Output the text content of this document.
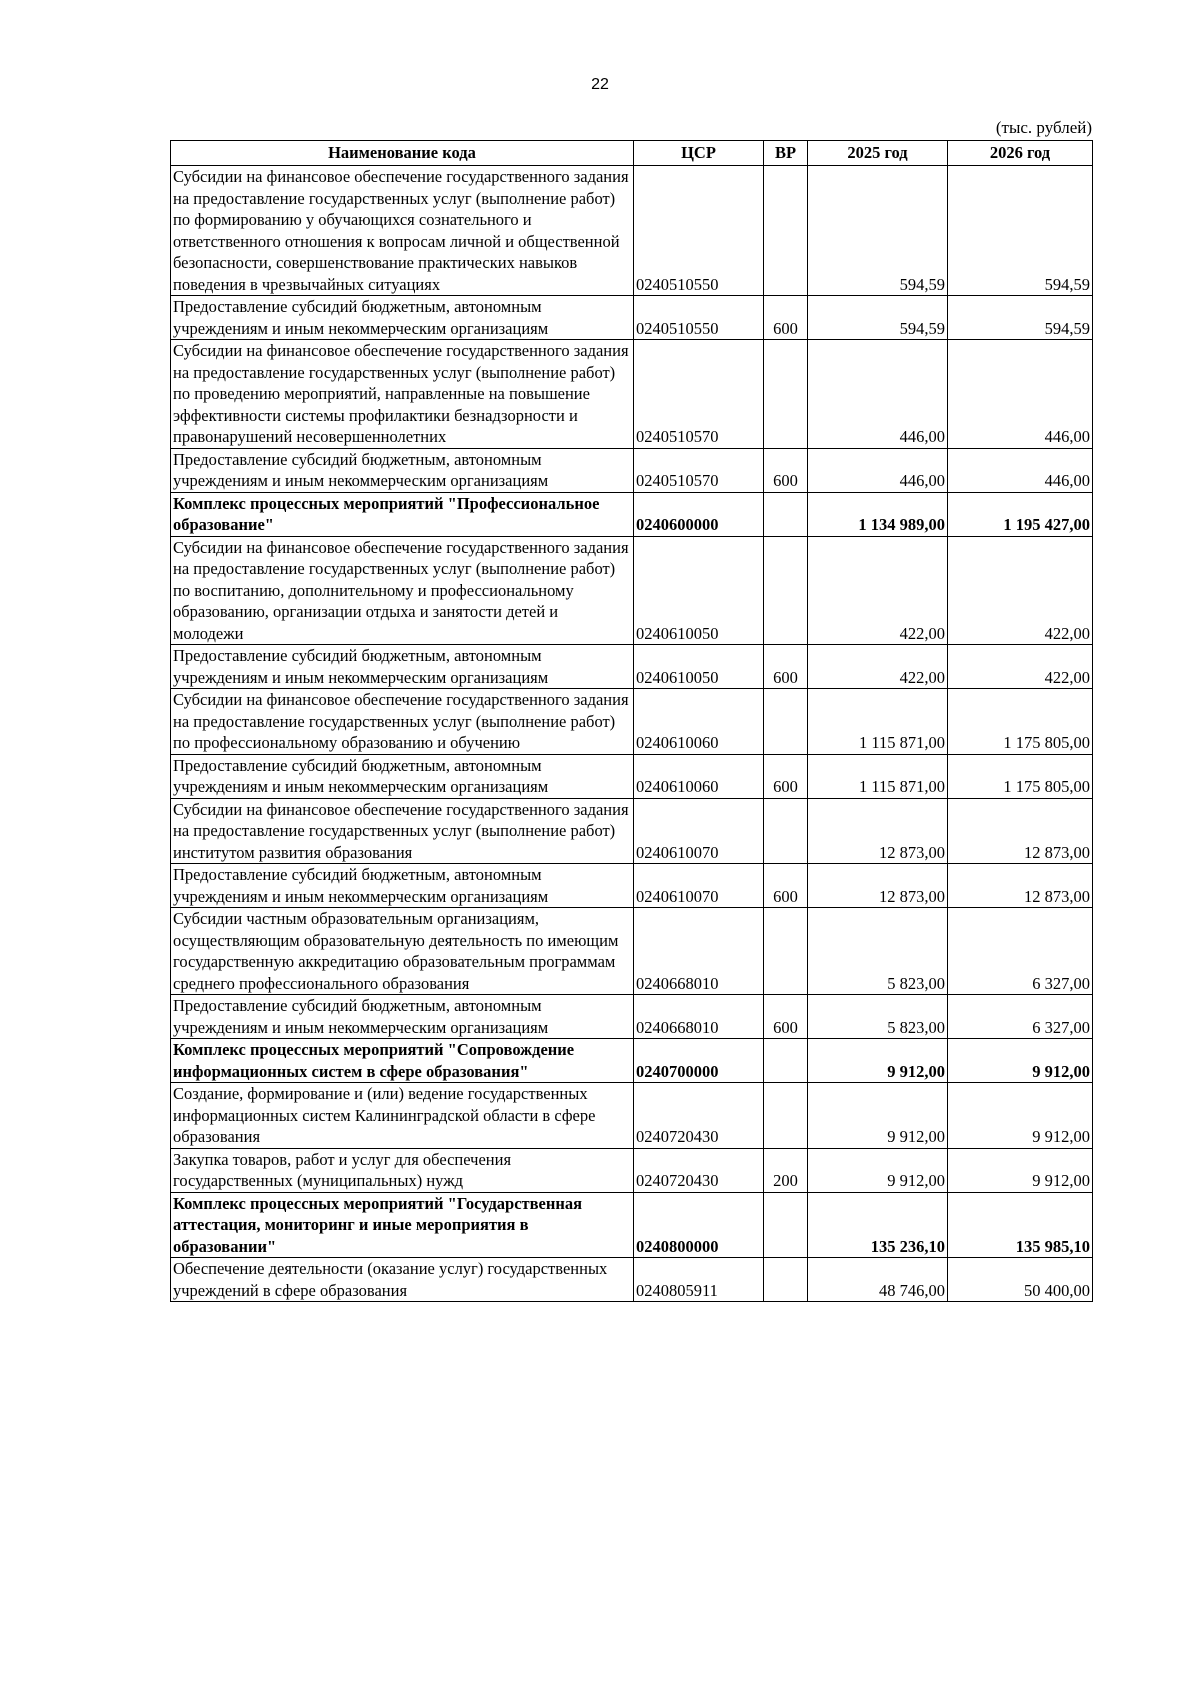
22
(тыс. рублей)
Наименование кода	ЦСР	ВР	2025 год	2026 год
Субсидии на финансовое обеспечение государственного задания на предоставление государственных услуг (выполнение работ) по формированию у обучающихся сознательного и ответственного отношения к вопросам личной и общественной безопасности, совершенствование практических навыков поведения в чрезвычайных ситуациях	0240510550		594,59	594,59
Предоставление субсидий бюджетным, автономным учреждениям и иным некоммерческим организациям	0240510550	600	594,59	594,59
Субсидии на финансовое обеспечение государственного задания на предоставление государственных услуг (выполнение работ) по проведению мероприятий, направленные на повышение эффективности системы профилактики безнадзорности и правонарушений несовершеннолетних	0240510570		446,00	446,00
Предоставление субсидий бюджетным, автономным учреждениям и иным некоммерческим организациям	0240510570	600	446,00	446,00
Комплекс процессных мероприятий "Профессиональное образование"	0240600000		1 134 989,00	1 195 427,00
Субсидии на финансовое обеспечение государственного задания на предоставление государственных услуг (выполнение работ) по воспитанию, дополнительному и профессиональному образованию, организации отдыха и занятости детей и молодежи	0240610050		422,00	422,00
Предоставление субсидий бюджетным, автономным учреждениям и иным некоммерческим организациям	0240610050	600	422,00	422,00
Субсидии на финансовое обеспечение государственного задания на предоставление государственных услуг (выполнение работ) по профессиональному образованию и обучению	0240610060		1 115 871,00	1 175 805,00
Предоставление субсидий бюджетным, автономным учреждениям и иным некоммерческим организациям	0240610060	600	1 115 871,00	1 175 805,00
Субсидии на финансовое обеспечение государственного задания на предоставление государственных услуг (выполнение работ) институтом развития образования	0240610070		12 873,00	12 873,00
Предоставление субсидий бюджетным, автономным учреждениям и иным некоммерческим организациям	0240610070	600	12 873,00	12 873,00
Субсидии частным образовательным организациям, осуществляющим образовательную деятельность по имеющим государственную аккредитацию образовательным программам среднего профессионального образования	0240668010		5 823,00	6 327,00
Предоставление субсидий бюджетным, автономным учреждениям и иным некоммерческим организациям	0240668010	600	5 823,00	6 327,00
Комплекс процессных мероприятий "Сопровождение информационных систем в сфере образования"	0240700000		9 912,00	9 912,00
Создание, формирование и (или) ведение государственных информационных систем Калининградской области в сфере образования	0240720430		9 912,00	9 912,00
Закупка товаров, работ и услуг для обеспечения государственных (муниципальных) нужд	0240720430	200	9 912,00	9 912,00
Комплекс процессных мероприятий "Государственная аттестация, мониторинг и иные мероприятия в образовании"	0240800000		135 236,10	135 985,10
Обеспечение деятельности (оказание услуг) государственных учреждений в сфере образования	0240805911		48 746,00	50 400,00
